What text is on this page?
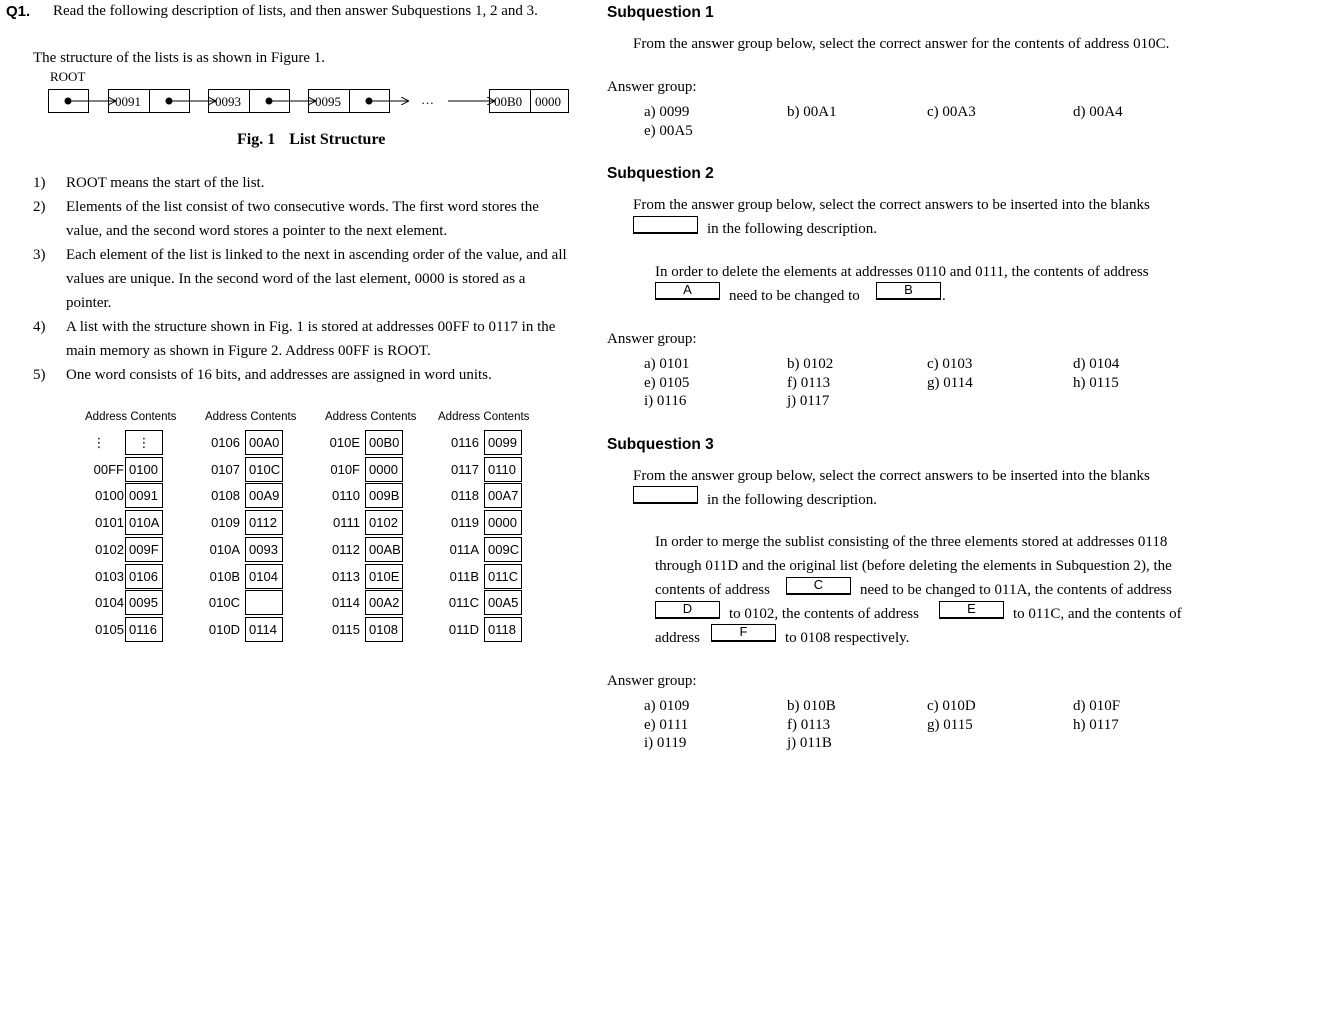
Q1. Read the following description of lists, and then answer Subquestions 1, 2 and 3.
The structure of the lists is as shown in Figure 1.
ROOT
0091	0093	0095	00B0 0000
…
Fig. 1 List Structure
1) ROOT means the start of the list.
2) Elements of the list consist of two consecutive words. The first word stores the
value, and the second word stores a pointer to the next element.
3) Each element of the list is linked to the next in ascending order of the value, and all
values are unique. In the second word of the last element, 0000 is stored as a
pointer.
4) A list with the structure shown in Fig. 1 is stored at addresses 00FF to 0117 in the
main memory as shown in Figure 2. Address 00FF is ROOT.
5) One word consists of 16 bits, and addresses are assigned in word units.
Address Contents Address Contents Address Contents Address Contents
⋮	⋮
00FF 0100
0100 0091
0101 010A
0102 009F
0103 0106
0104 0095
0105 0116
0106 00A0
0107 010C
0108 00A9
0109 0112
010A 0093
010B 0104
010C
010D 0114
010E 00B0
010F 0000
0110 009B
0111 0102
0112 00AB
0113 010E
0114 00A2
0115 0108
0116 0099
0117 0110
0118 00A7
0119 0000
011A 009C
011B 011C
011C 00A5
011D 0118
Subquestion 1
From the answer group below, select the correct answer for the contents of address 010C.
Answer group:
a) 0099	b) 00A1	c) 00A3	d) 00A4
e) 00A5
Subquestion 2
From the answer group below, select the correct answers to be inserted into the blanks
in the following description.
In order to delete the elements at addresses 0110 and 0111, the contents of address
A	need to be changed to	B	.
Answer group:
a) 0101	b) 0102	c) 0103	d) 0104
e) 0105	f) 0113	g) 0114	h) 0115
i) 0116	j) 0117
Subquestion 3
From the answer group below, select the correct answers to be inserted into the blanks
in the following description.
In order to merge the sublist consisting of the three elements stored at addresses 0118
through 011D and the original list (before deleting the elements in Subquestion 2), the
contents of address	C	need to be changed to 011A, the contents of address
D	to 0102, the contents of address	E	to 011C, and the contents of
address	F	to 0108 respectively.
Answer group:
a) 0109	b) 010B	c) 010D	d) 010F
e) 0111	f) 0113	g) 0115	h) 0117
i) 0119	j) 011B
